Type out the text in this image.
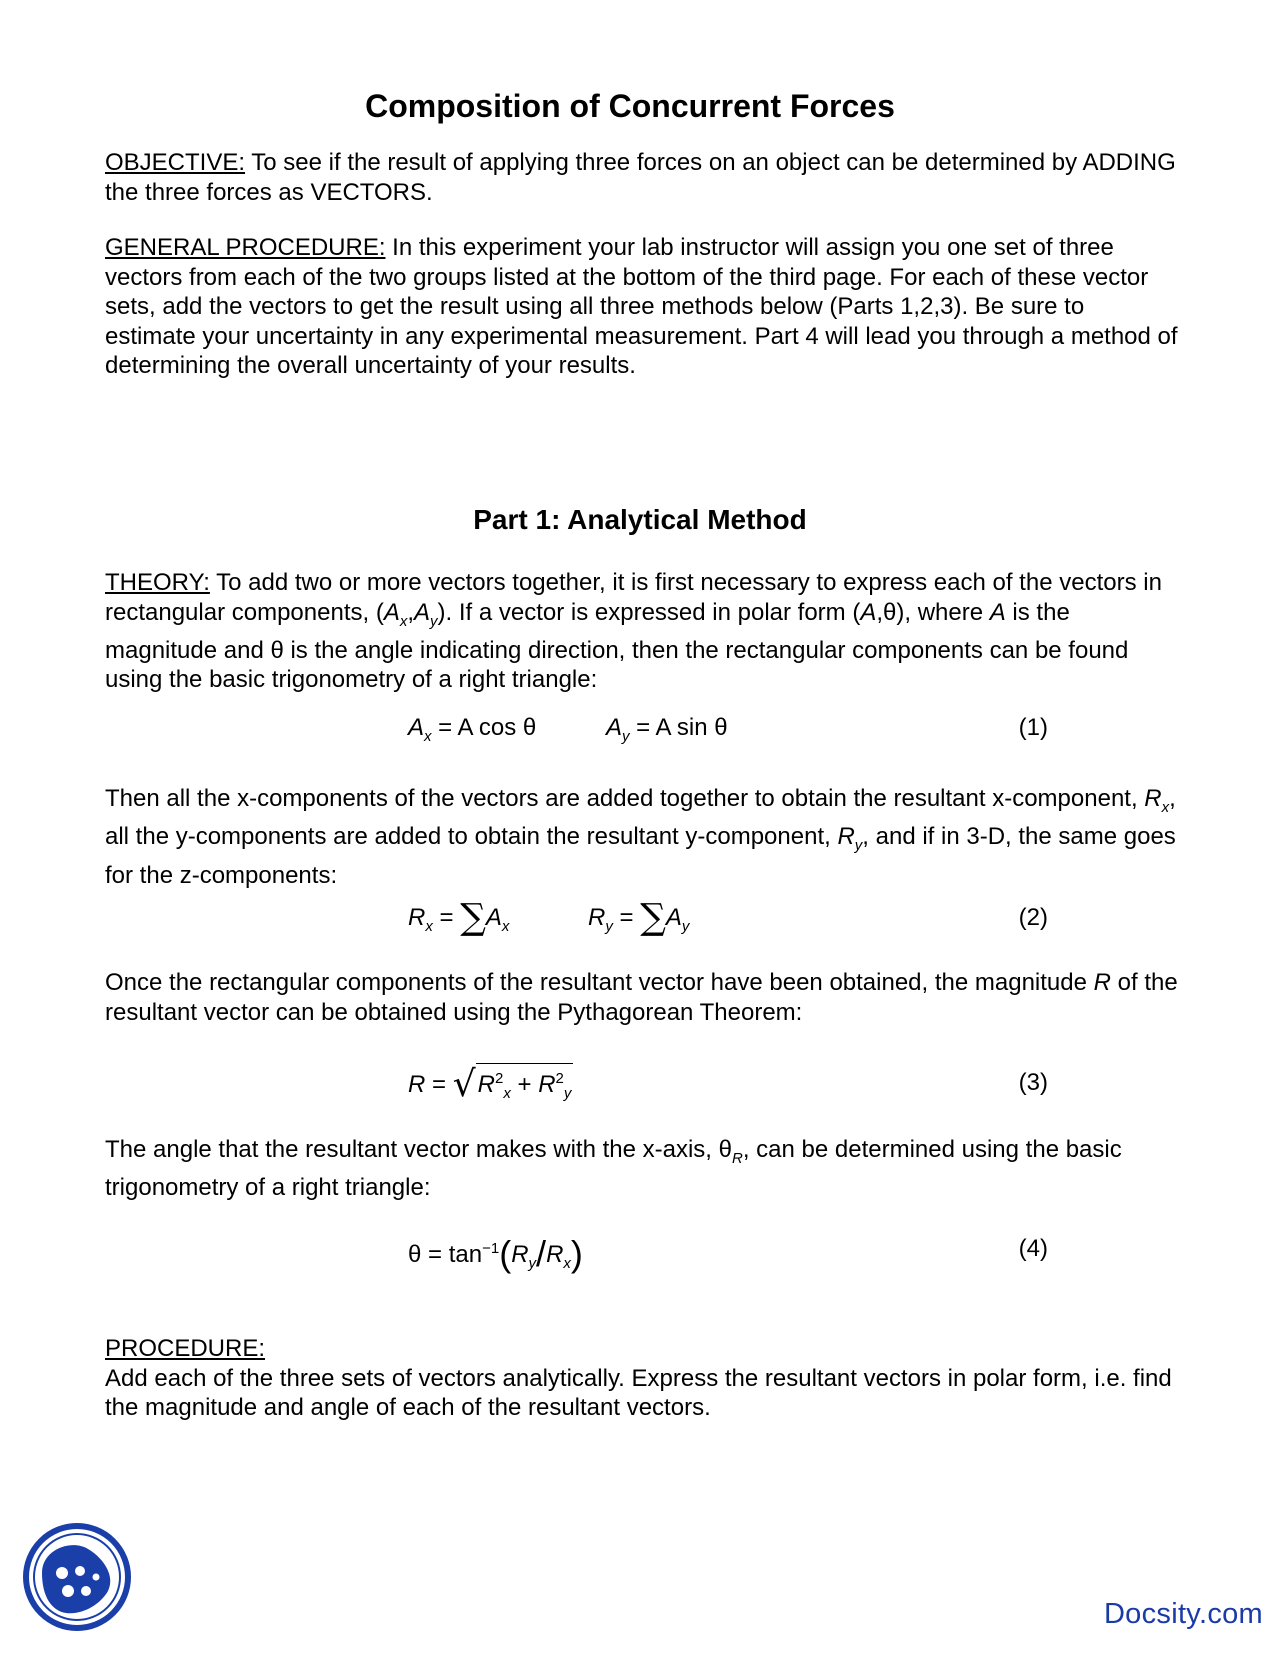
Composition of Concurrent Forces

OBJECTIVE: To see if the result of applying three forces on an object can be determined by ADDING the three forces as VECTORS.

GENERAL PROCEDURE: In this experiment your lab instructor will assign you one set of three vectors from each of the two groups listed at the bottom of the third page. For each of these vector sets, add the vectors to get the result using all three methods below (Parts 1,2,3). Be sure to estimate your uncertainty in any experimental measurement. Part 4 will lead you through a method of determining the overall uncertainty of your results.

Part 1: Analytical Method

THEORY: To add two or more vectors together, it is first necessary to express each of the vectors in rectangular components, $(A_x,A_y)$. If a vector is expressed in polar form (A,θ), where A is the magnitude and θ is the angle indicating direction, then the rectangular components can be found using the basic trigonometry of a right triangle:

$A_x = A$ cos θ	$A_y = A$ sin θ	(1)

Then all the x-components of the vectors are added together to obtain the resultant x-component, $R_x$, all the y-components are added to obtain the resultant y-component, $R_y$, and if in 3-D, the same goes for the z-components:

$R_x = \sum A_x$	$R_y = \sum A_y$	(2)

Once the rectangular components of the resultant vector have been obtained, the magnitude R of the resultant vector can be obtained using the Pythagorean Theorem:

$R = √R^2_x + R^2_y$	(3)

The angle that the resultant vector makes with the x-axis, $\theta_R$, can be determined using the basic trigonometry of a right triangle:

$\theta = \tan^{-1}(R_y/R_x)$	(4)

PROCEDURE:
Add each of the three sets of vectors analytically. Express the resultant vectors in polar form, i.e. find the magnitude and angle of each of the resultant vectors.

Docsity.com
